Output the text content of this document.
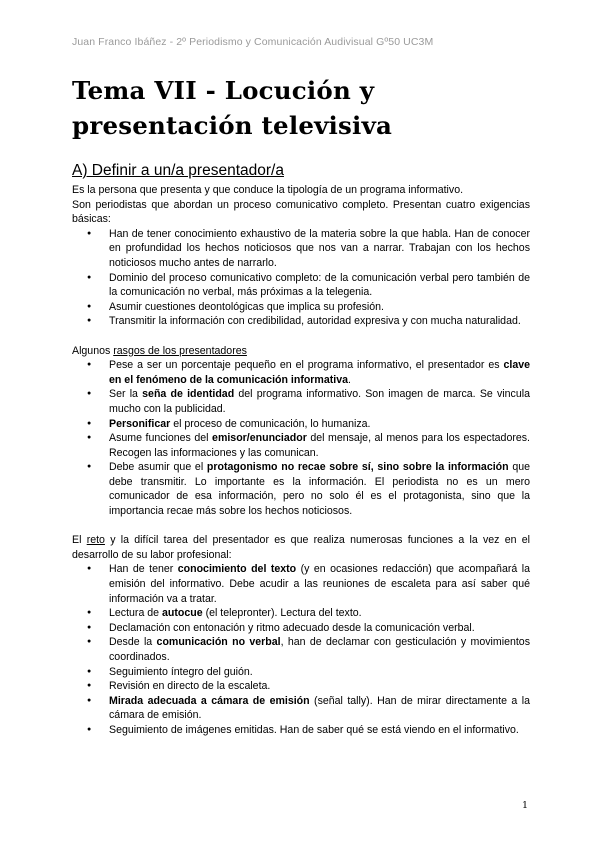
Juan Franco Ibáñez - 2º Periodismo y Comunicación Audivisual Gº50 UC3M
Tema VII - Locución y presentación televisiva
A) Definir a un/a presentador/a

Es la persona que presenta y que conduce la tipología de un programa informativo.

Son periodistas que abordan un proceso comunicativo completo. Presentan cuatro exigencias básicas:

● Han de tener conocimiento exhaustivo de la materia sobre la que habla. Han de conocer en profundidad los hechos noticiosos que nos van a narrar. Trabajan con los hechos noticiosos mucho antes de narrarlo.
● Dominio del proceso comunicativo completo: de la comunicación verbal pero también de la comunicación no verbal, más próximas a la telegenia.
● Asumir cuestiones deontológicas que implica su profesión.
● Transmitir la información con credibilidad, autoridad expresiva y con mucha naturalidad.

Algunos rasgos de los presentadores

● Pese a ser un porcentaje pequeño en el programa informativo, el presentador es clave en el fenómeno de la comunicación informativa.
● Ser la seña de identidad del programa informativo. Son imagen de marca. Se vincula mucho con la publicidad.
● Personificar el proceso de comunicación, lo humaniza.
● Asume funciones del emisor/enunciador del mensaje, al menos para los espectadores. Recogen las informaciones y las comunican.
● Debe asumir que el protagonismo no recae sobre sí, sino sobre la información que debe transmitir. Lo importante es la información. El periodista no es un mero comunicador de esa información, pero no solo él es el protagonista, sino que la importancia recae más sobre los hechos noticiosos.

El reto y la difícil tarea del presentador es que realiza numerosas funciones a la vez en el desarrollo de su labor profesional:

● Han de tener conocimiento del texto (y en ocasiones redacción) que acompañará la emisión del informativo. Debe acudir a las reuniones de escaleta para así saber qué información va a tratar.
● Lectura de autocue (el telepronter). Lectura del texto.
● Declamación con entonación y ritmo adecuado desde la comunicación verbal.
● Desde la comunicación no verbal, han de declamar con gesticulación y movimientos coordinados.
● Seguimiento íntegro del guión.
● Revisión en directo de la escaleta.
● Mirada adecuada a cámara de emisión (señal tally). Han de mirar directamente a la cámara de emisión.
● Seguimiento de imágenes emitidas. Han de saber qué se está viendo en el informativo.
1
